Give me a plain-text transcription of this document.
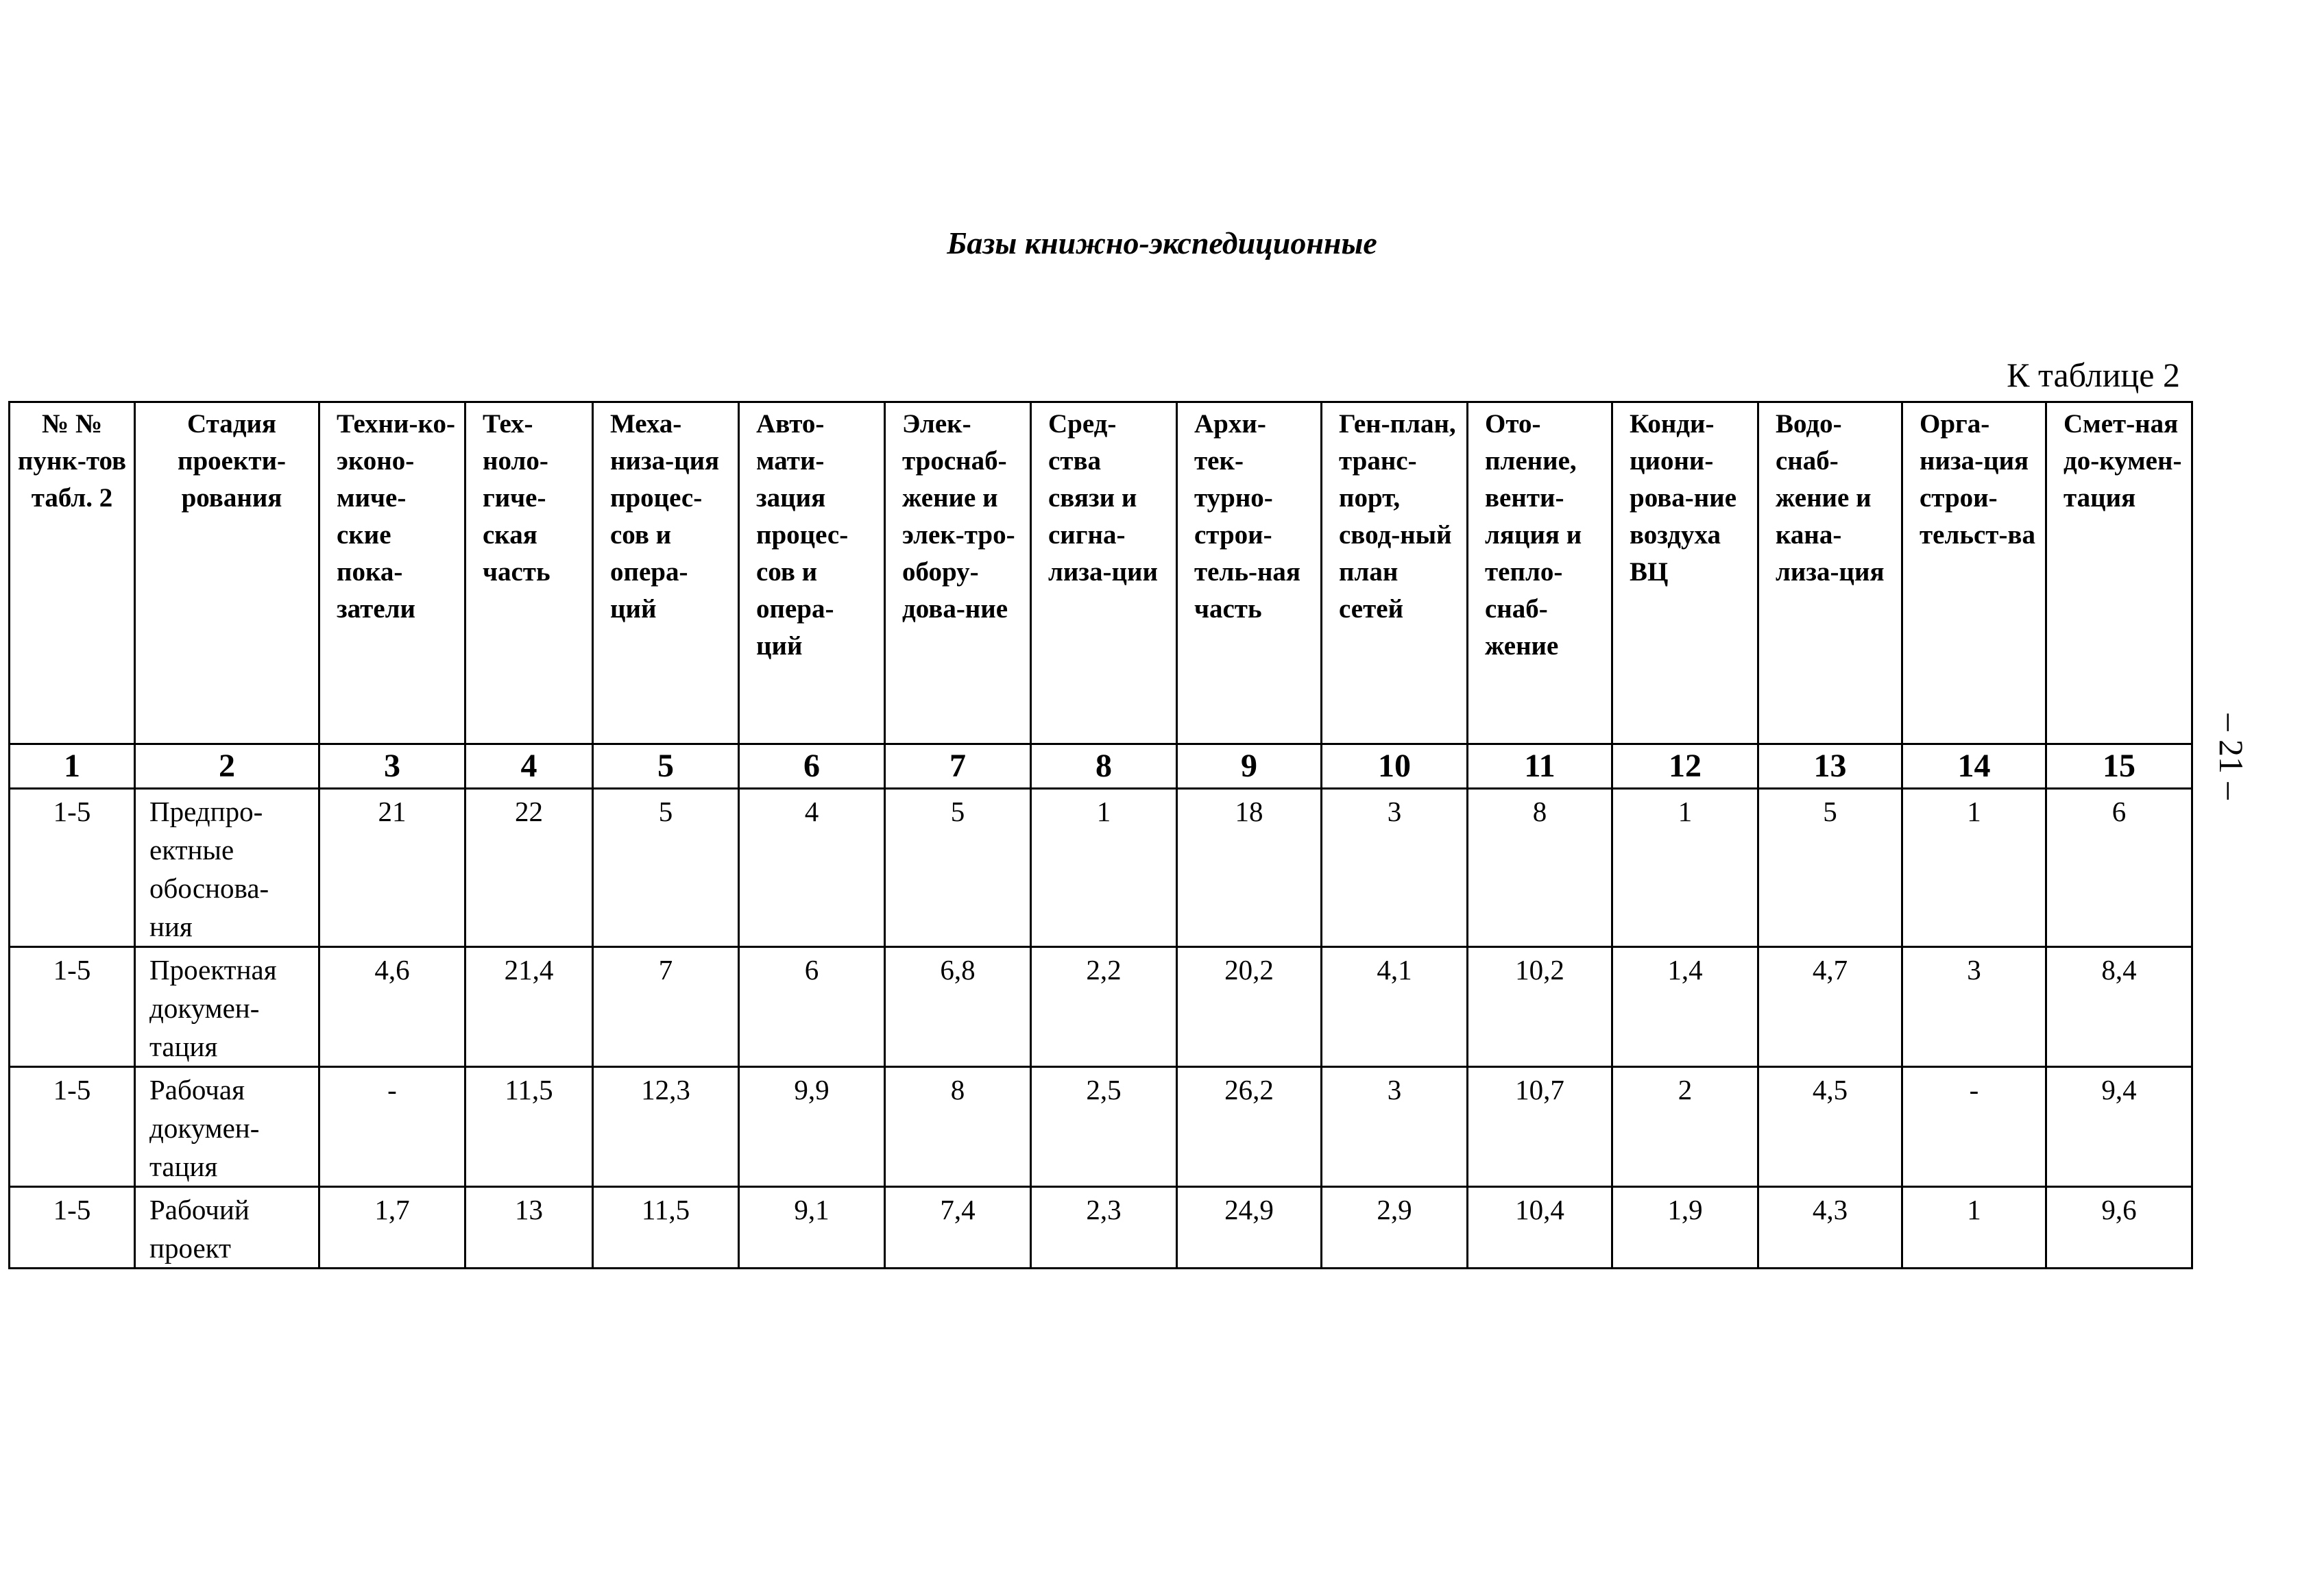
Базы книжно-экспедиционные
К таблице 2
– 21 –
№ № пунк-тов табл. 2	Стадия проекти-рования	Техни-ко-эконо-миче-ские пока-затели	Тех-ноло-гиче-ская часть	Меха-низа-ция процес-сов и опера-ций	Авто-мати-зация процес-сов и опера-ций	Элек-троснаб-жение и элек-тро-обору-дова-ние	Сред-ства связи и сигна-лиза-ции	Архи-тек-турно-строи-тель-ная часть	Ген-план, транс-порт, свод-ный план сетей	Ото-пление, венти-ляция и тепло-снаб-жение	Конди-циони-рова-ние воздуха ВЦ	Водо-снаб-жение и кана-лиза-ция	Орга-низа-ция строи-тельст-ва	Смет-ная до-кумен-тация
1	2	3	4	5	6	7	8	9	10	11	12	13	14	15
1-5	Предпро-ектные обоснова-ния	21	22	5	4	5	1	18	3	8	1	5	1	6
1-5	Проектная докумен-тация	4,6	21,4	7	6	6,8	2,2	20,2	4,1	10,2	1,4	4,7	3	8,4
1-5	Рабочая докумен-тация	-	11,5	12,3	9,9	8	2,5	26,2	3	10,7	2	4,5	-	9,4
1-5	Рабочий проект	1,7	13	11,5	9,1	7,4	2,3	24,9	2,9	10,4	1,9	4,3	1	9,6
